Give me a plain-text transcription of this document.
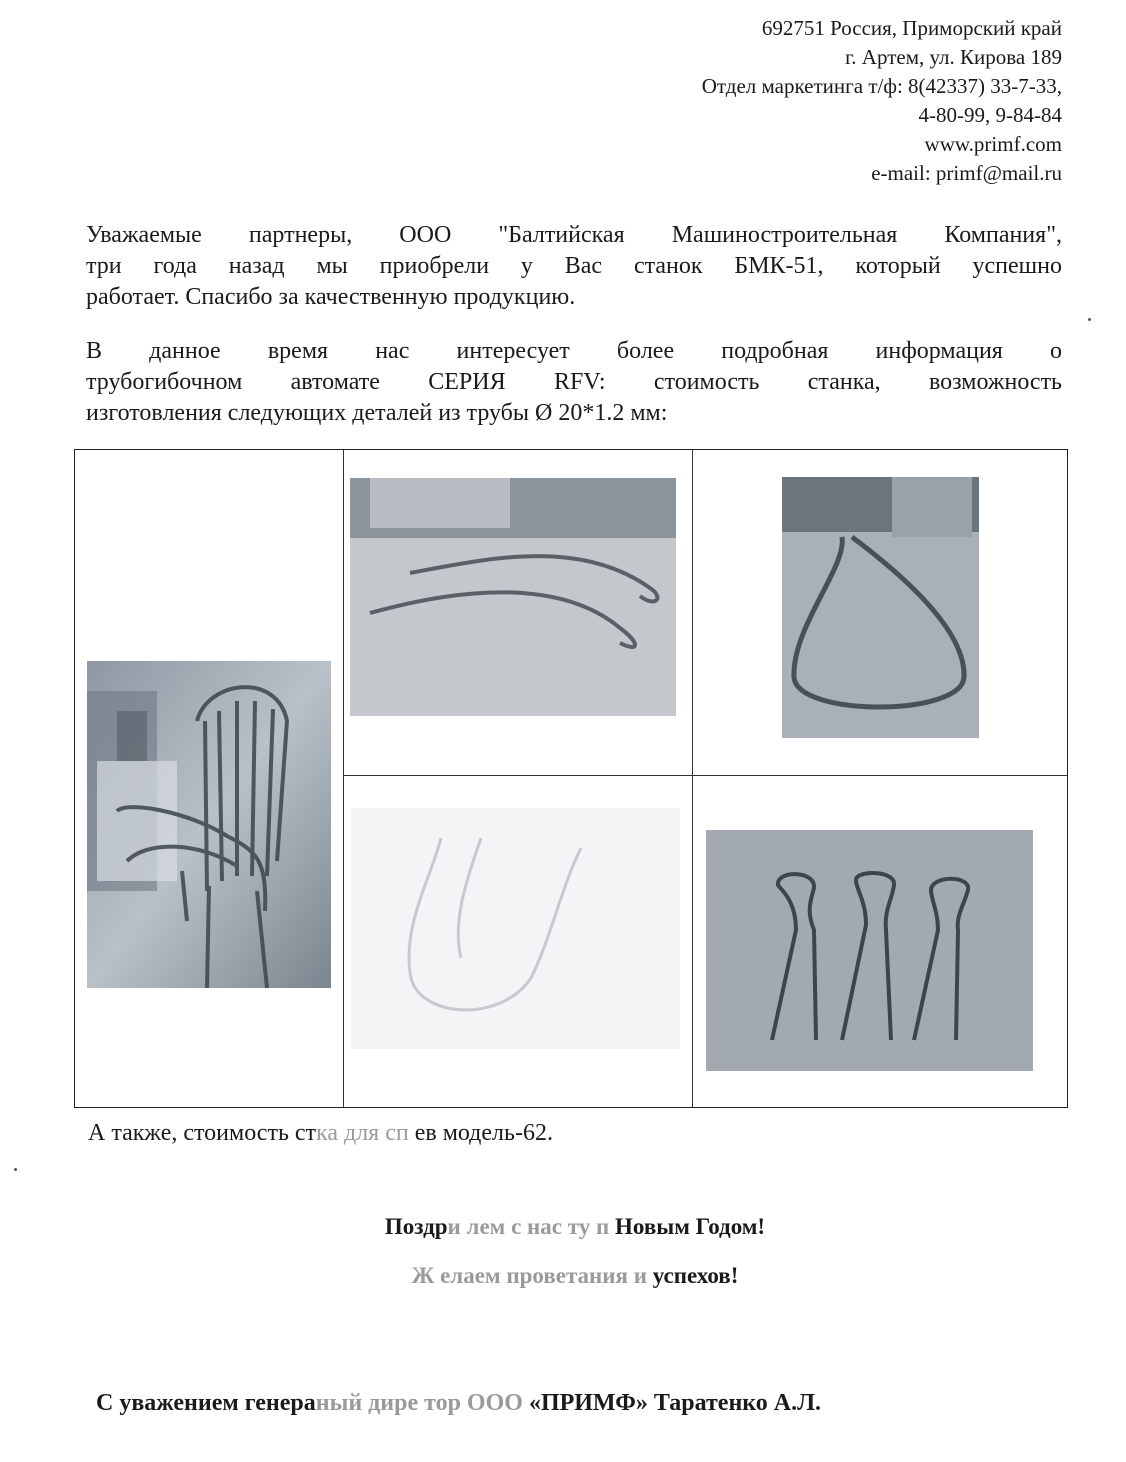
692751 Россия, Приморский край
г. Артем, ул. Кирова 189
Отдел маркетинга т/ф: 8(42337) 33-7-33,
4-80-99, 9-84-84
www.primf.com
e-mail: primf@mail.ru
Уважаемые партнеры, ООО "Балтийская Машиностроительная Компания",
три года назад мы приобрели у Вас станок БМК-51, который успешно
работает. Спасибо за качественную продукцию.
В данное время нас интересует более подробная информация о
трубогибочном автомате СЕРИЯ RFV: стоимость станка, возможность
изготовления следующих деталей из трубы Ø 20*1.2 мм:
А также, стоимость стка для сп ев модель-62.
Поздри лем с нас ту п Новым Годом!
Ж елаем проветания и успехов!
С уважением генераный дире тор ООО «ПРИМФ» Таратенко А.Л.
